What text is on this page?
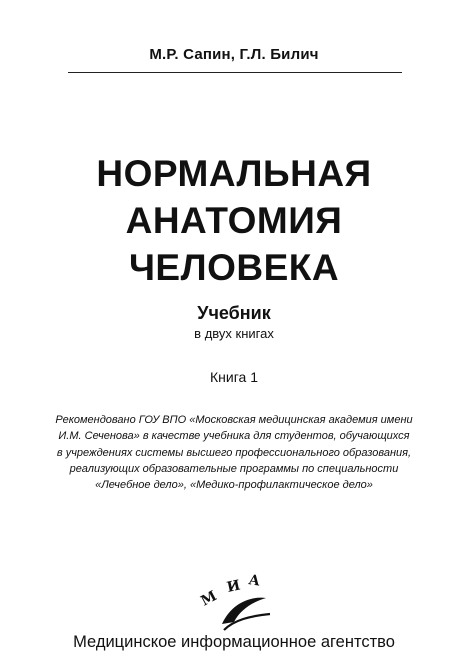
М.Р. Сапин, Г.Л. Билич
НОРМАЛЬНАЯ
АНАТОМИЯ
ЧЕЛОВЕКА
Учебник
в двух книгах
Книга 1
Рекомендовано ГОУ ВПО «Московская медицинская академия имени
И.М. Сеченова» в качестве учебника для студентов, обучающихся
в учреждениях системы высшего профессионального образования,
реализующих образовательные программы по специальности
«Лечебное дело», «Медико-профилактическое дело»
М
И А
Медицинское информационное агентство
